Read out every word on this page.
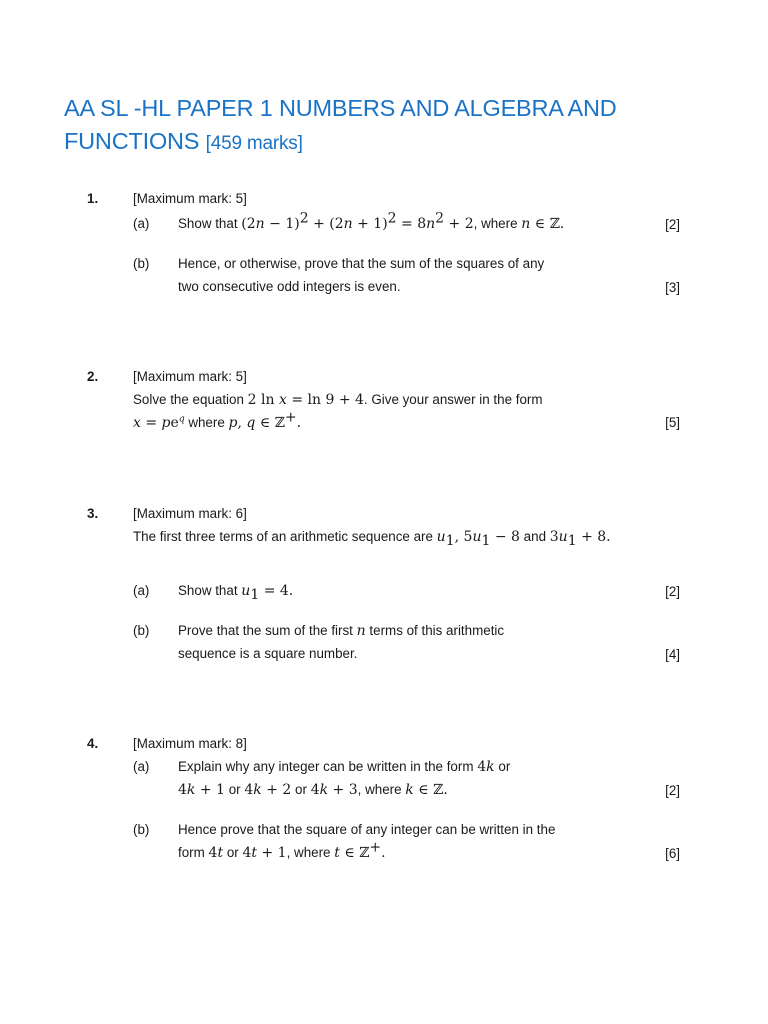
AA SL -HL PAPER 1 NUMBERS AND ALGEBRA AND FUNCTIONS [459 marks]
1.	[Maximum mark: 5]
(a) Show that $(2n - 1)^2 + (2n + 1)^2 = 8n^2 + 2$, where n ∈ ℤ.	[2]
(b) Hence, or otherwise, prove that the sum of the squares of any
two consecutive odd integers is even.	[3]
2.	[Maximum mark: 5]
Solve the equation 2 ln x = ln 9 + 4. Give your answer in the form
$x = pe^q$ where p, q ∈ ℤ+.	[5]
3.	[Maximum mark: 6]
The first three terms of an arithmetic sequence are $u_1$, $5u_1 - 8$ and $3u_1 + 8$.
(a) Show that $u_1 = 4$.	[2]
(b) Prove that the sum of the first n terms of this arithmetic
sequence is a square number.	[4]
4.	[Maximum mark: 8]
(a) Explain why any integer can be written in the form 4k or
4k + 1 or 4k + 2 or 4k + 3, where k ∈ ℤ.	[2]
(b) Hence prove that the square of any integer can be written in the
form 4t or 4t + 1, where t ∈ ℤ+.	[6]
